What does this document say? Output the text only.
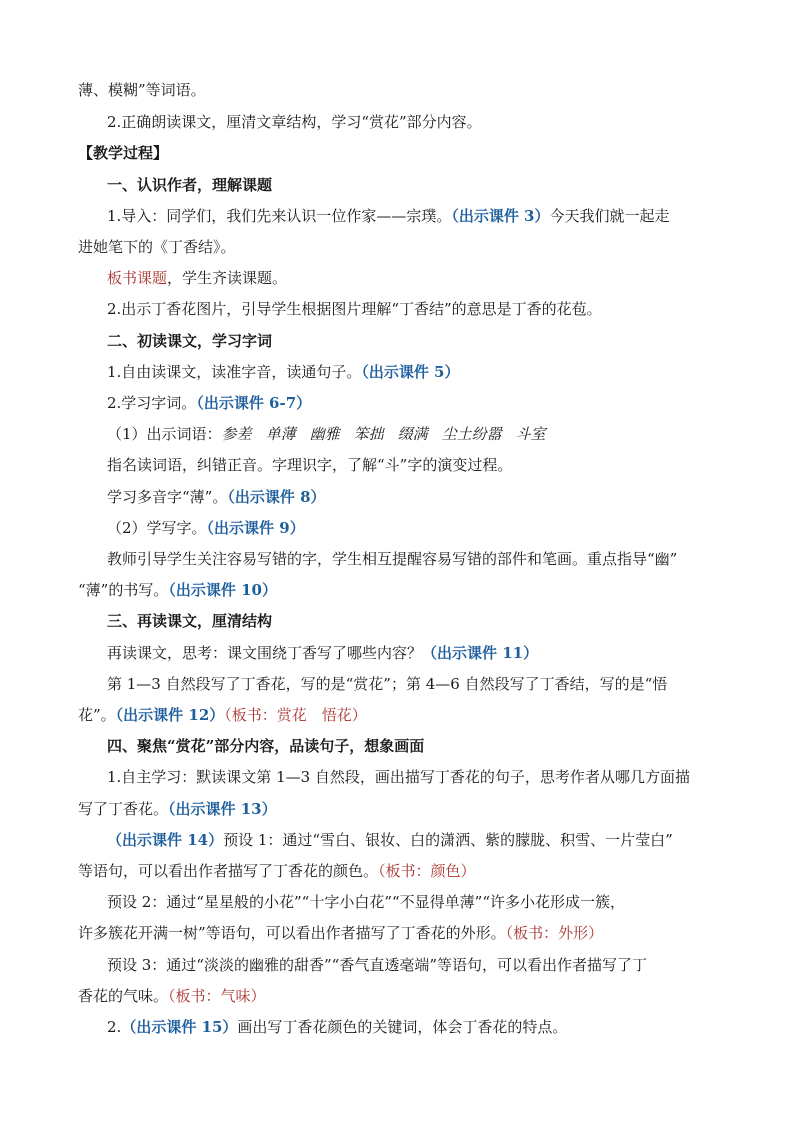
薄、模糊”等词语。
2.正确朗读课文，厘清文章结构，学习“赏花”部分内容。
【教学过程】
一、认识作者，理解课题
1.导入：同学们，我们先来认识一位作家——宗璞。（出示课件 3）今天我们就一起走
进她笔下的《丁香结》。
板书课题，学生齐读课题。
2.出示丁香花图片，引导学生根据图片理解“丁香结”的意思是丁香的花苞。
二、初读课文，学习字词
1.自由读课文，读准字音，读通句子。（出示课件 5）
2.学习字词。（出示课件 6-7）
（1）出示词语：参差 单薄 幽雅 笨拙 缀满 尘土纷嚣 斗室
指名读词语，纠错正音。字理识字，了解“斗”字的演变过程。
学习多音字“薄”。（出示课件 8）
（2）学写字。（出示课件 9）
教师引导学生关注容易写错的字，学生相互提醒容易写错的部件和笔画。重点指导“幽”
“薄”的书写。（出示课件 10）
三、再读课文，厘清结构
再读课文，思考：课文围绕丁香写了哪些内容？（出示课件 11）
第 1—3 自然段写了丁香花，写的是“赏花”；第 4—6 自然段写了丁香结，写的是“悟
花”。（出示课件 12）（板书：赏花　悟花）
四、聚焦“赏花”部分内容，品读句子，想象画面
1.自主学习：默读课文第 1—3 自然段，画出描写丁香花的句子，思考作者从哪几方面描
写了丁香花。（出示课件 13）
（出示课件 14）预设 1：通过“雪白、银妆、白的潇洒、紫的朦胧、积雪、一片莹白”
等语句，可以看出作者描写了丁香花的颜色。（板书：颜色）
预设 2：通过“星星般的小花”“十字小白花”“不显得单薄”“许多小花形成一簇，
许多簇花开满一树”等语句，可以看出作者描写了丁香花的外形。（板书：外形）
预设 3：通过“淡淡的幽雅的甜香”“香气直透毫端”等语句，可以看出作者描写了丁
香花的气味。（板书：气味）
2.（出示课件 15）画出写丁香花颜色的关键词，体会丁香花的特点。
